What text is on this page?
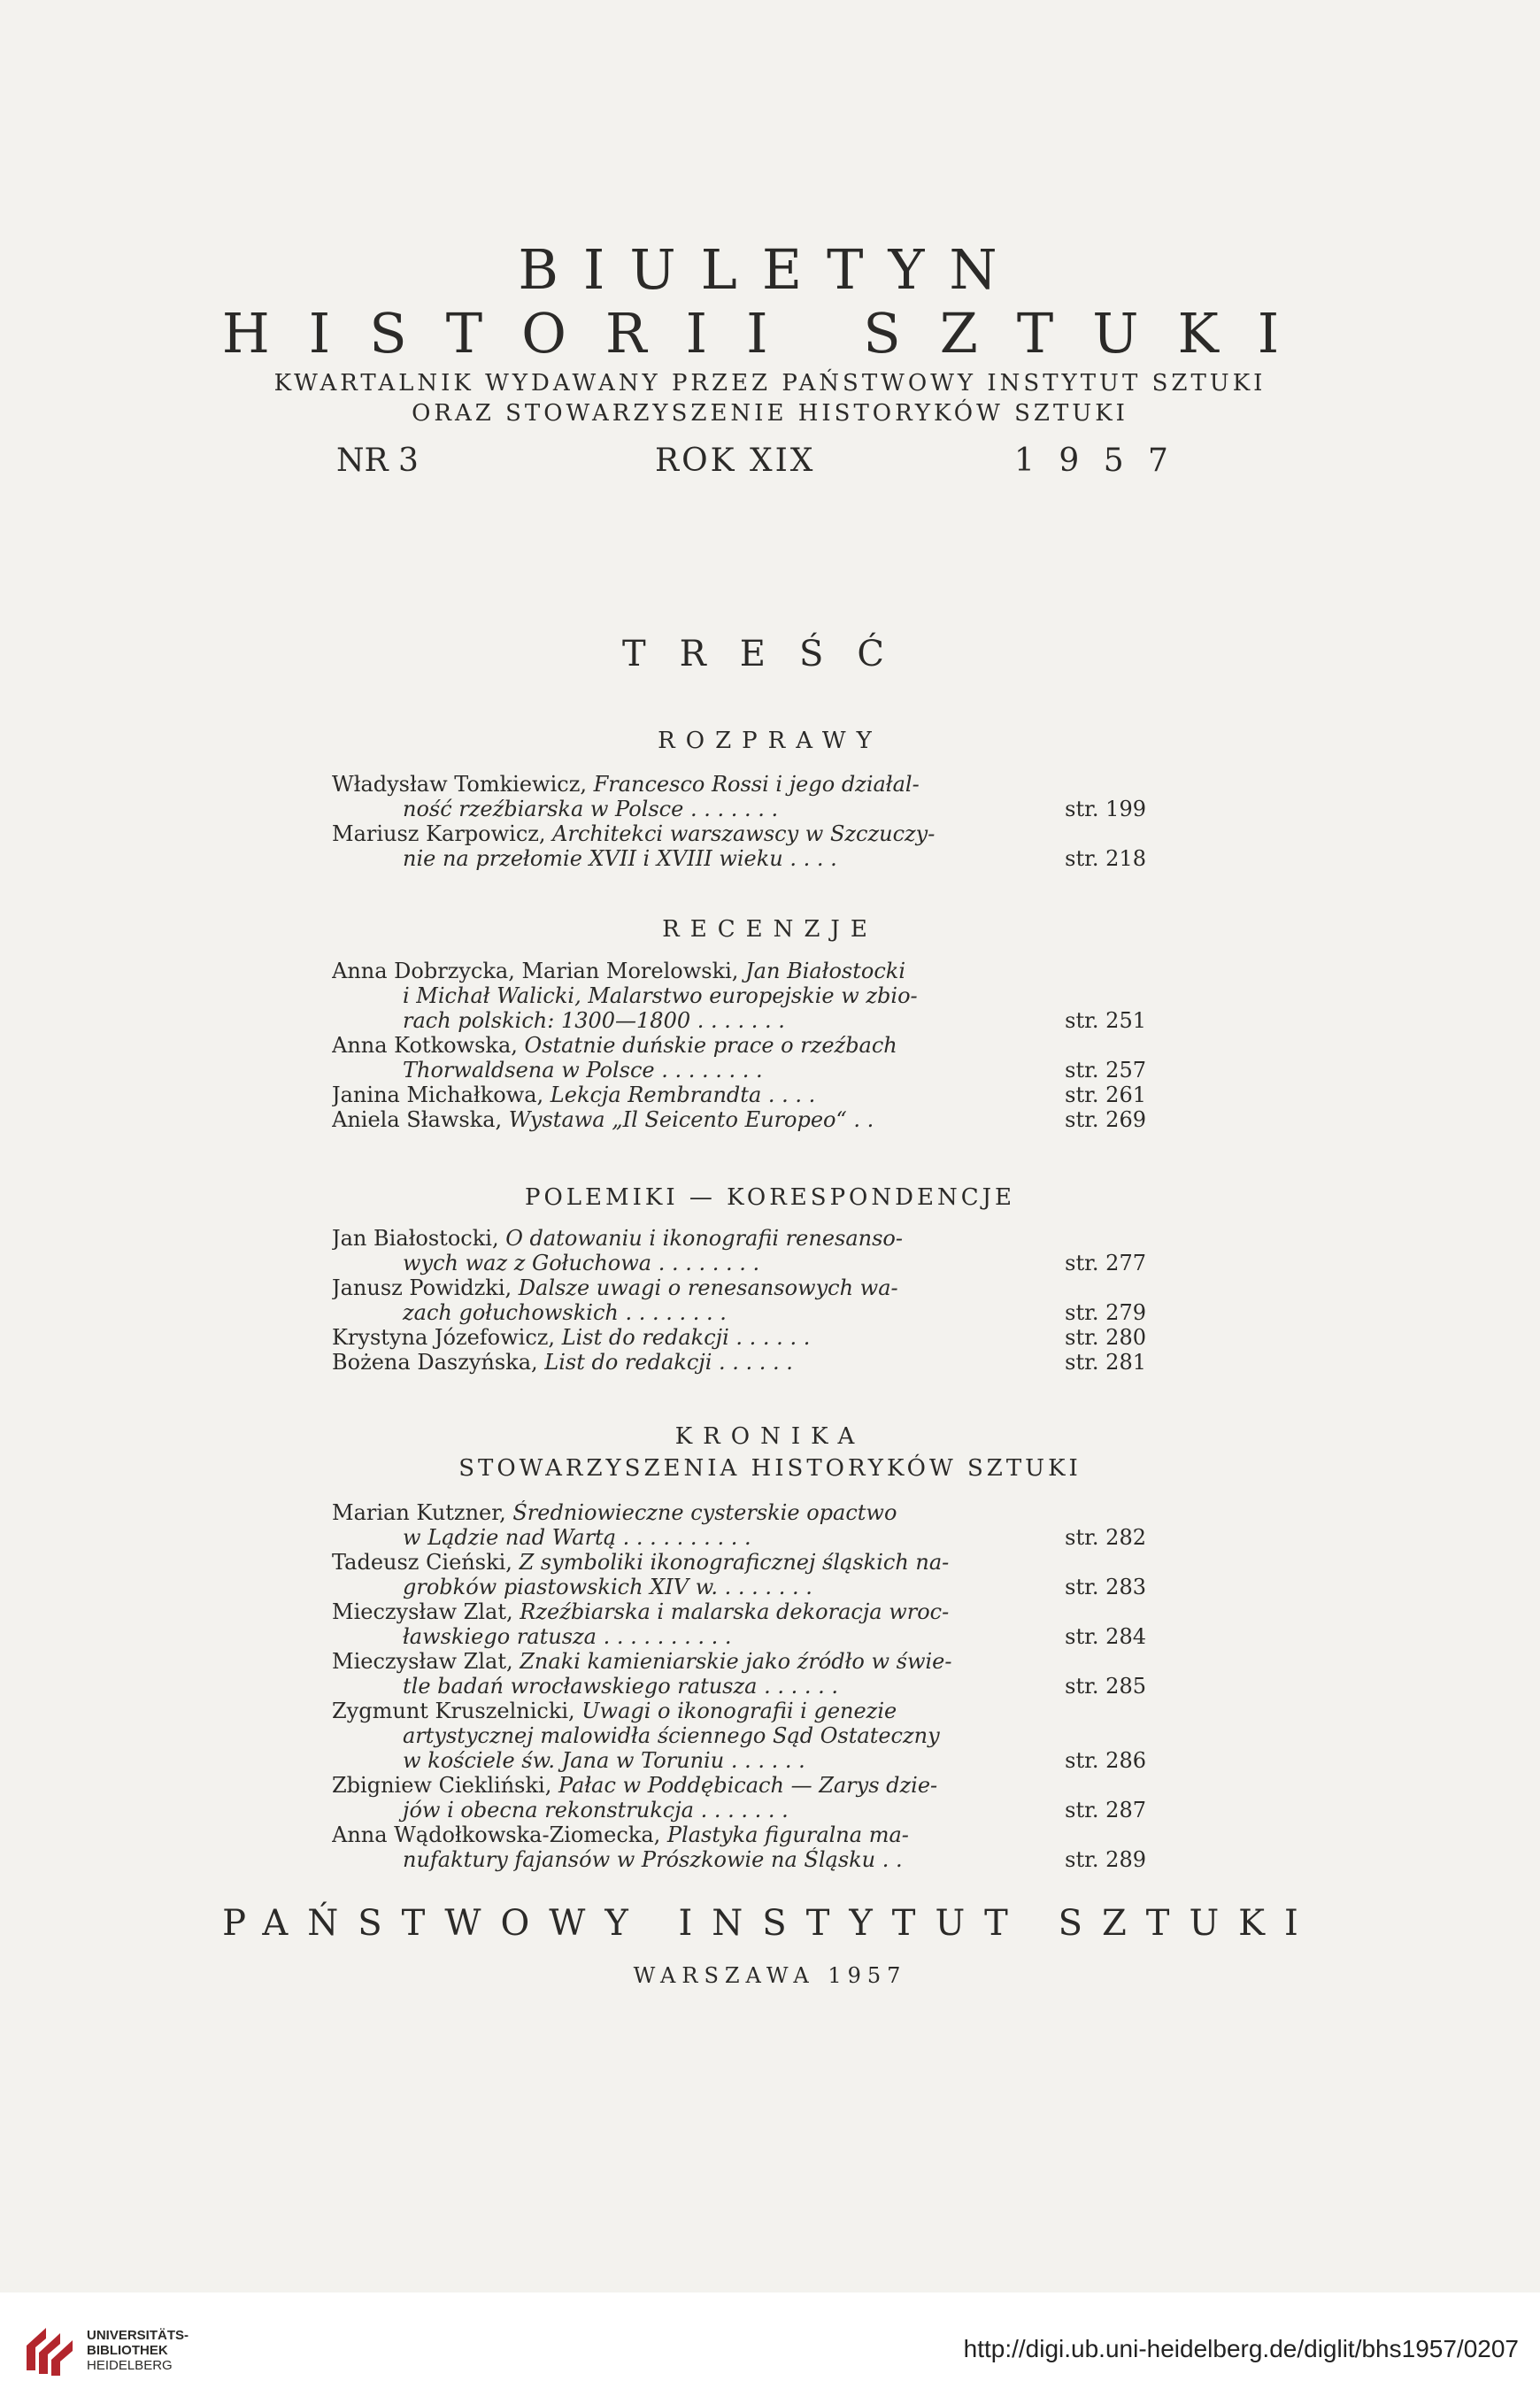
BIULETYN
HISTORII SZTUKI
KWARTALNIK WYDAWANY PRZEZ PAŃSTWOWY INSTYTUT SZTUKI
ORAZ STOWARZYSZENIE HISTORYKÓW SZTUKI
NR 3	ROK XIX	1 9 5 7
TREŚĆ
ROZPRAWY
Władysław Tomkiewicz, Francesco Rossi i jego działal-
ność rzeźbiarska w Polsce . . . . . . .	str. 199
Mariusz Karpowicz, Architekci warszawscy w Szczuczy-
nie na przełomie XVII i XVIII wieku . . . .	str. 218
RECENZJE
Anna Dobrzycka, Marian Morelowski, Jan Białostocki
i Michał Walicki, Malarstwo europejskie w zbio-
rach polskich: 1300—1800 . . . . . . .	str. 251
Anna Kotkowska, Ostatnie duńskie prace o rzeźbach
Thorwaldsena w Polsce . . . . . . . .	str. 257
Janina Michałkowa, Lekcja Rembrandta . . . .	str. 261
Aniela Sławska, Wystawa „Il Seicento Europeo“ . .	str. 269
POLEMIKI — KORESPONDENCJE
Jan Białostocki, O datowaniu i ikonografii renesanso-
wych waz z Gołuchowa . . . . . . . .	str. 277
Janusz Powidzki, Dalsze uwagi o renesansowych wa-
zach gołuchowskich . . . . . . . .	str. 279
Krystyna Józefowicz, List do redakcji . . . . . .	str. 280
Bożena Daszyńska, List do redakcji . . . . . .	str. 281
KRONIKA
STOWARZYSZENIA HISTORYKÓW SZTUKI
Marian Kutzner, Średniowieczne cysterskie opactwo
w Lądzie nad Wartą . . . . . . . . . .	str. 282
Tadeusz Cieński, Z symboliki ikonograficznej śląskich na-
grobków piastowskich XIV w. . . . . . . .	str. 283
Mieczysław Zlat, Rzeźbiarska i malarska dekoracja wroc-
ławskiego ratusza . . . . . . . . . .	str. 284
Mieczysław Zlat, Znaki kamieniarskie jako źródło w świe-
tle badań wrocławskiego ratusza . . . . . .	str. 285
Zygmunt Kruszelnicki, Uwagi o ikonografii i genezie
artystycznej malowidła ściennego Sąd Ostateczny
w kościele św. Jana w Toruniu . . . . . .	str. 286
Zbigniew Ciekliński, Pałac w Poddębicach — Zarys dzie-
jów i obecna rekonstrukcja . . . . . . .	str. 287
Anna Wądołkowska-Ziomecka, Plastyka figuralna ma-
nufaktury fajansów w Prószkowie na Śląsku . .	str. 289
PAŃSTWOWY INSTYTUT SZTUKI
WARSZAWA 1957
UNIVERSITÄTS-
BIBLIOTHEK
HEIDELBERG
http://digi.ub.uni-heidelberg.de/diglit/bhs1957/0207
